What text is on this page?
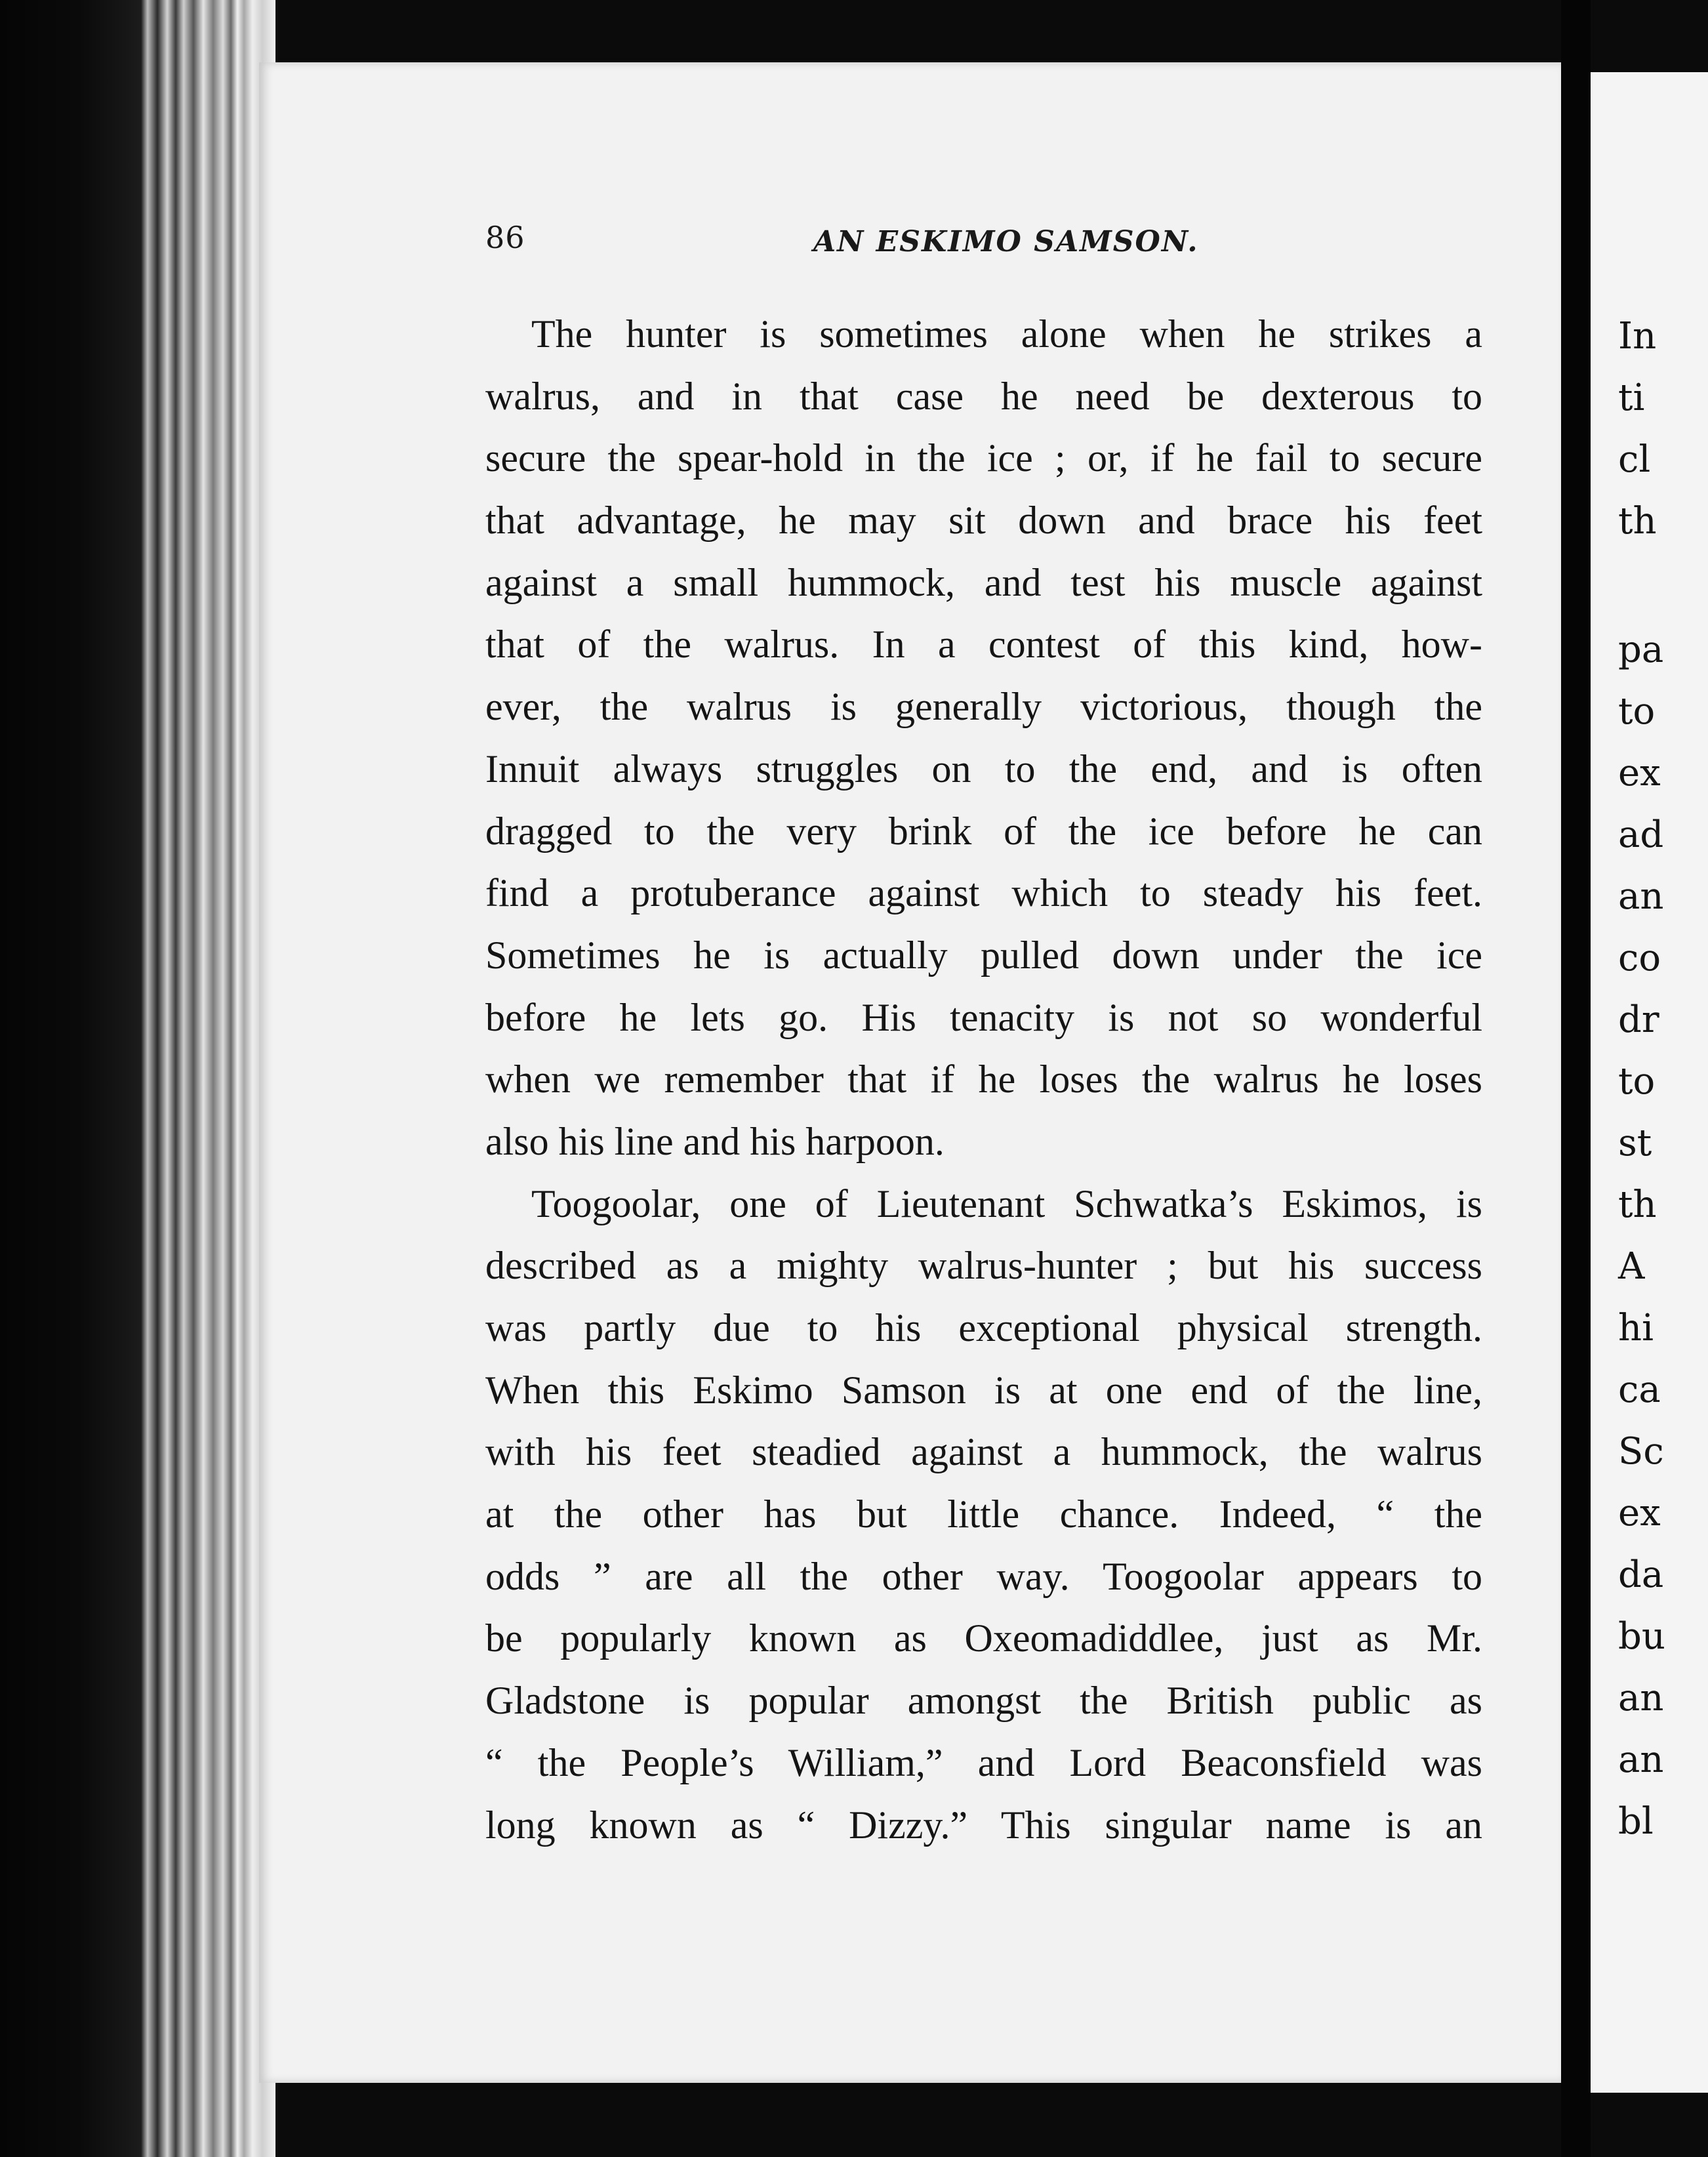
86	AN ESKIMO SAMSON.
The hunter is sometimes alone when he strikes a
walrus, and in that case he need be dexterous to
secure the spear-hold in the ice ; or, if he fail to secure
that advantage, he may sit down and brace his feet
against a small hummock, and test his muscle against
that of the walrus. In a contest of this kind, how-
ever, the walrus is generally victorious, though the
Innuit always struggles on to the end, and is often
dragged to the very brink of the ice before he can
find a protuberance against which to steady his feet.
Sometimes he is actually pulled down under the ice
before he lets go. His tenacity is not so wonderful
when we remember that if he loses the walrus he loses
also his line and his harpoon.
Toogoolar, one of Lieutenant Schwatka’s Eskimos, is
described as a mighty walrus-hunter ; but his success
was partly due to his exceptional physical strength.
When this Eskimo Samson is at one end of the line,
with his feet steadied against a hummock, the walrus
at the other has but little chance. Indeed, “ the
odds ” are all the other way. Toogoolar appears to
be popularly known as Oxeomadiddlee, just as Mr.
Gladstone is popular amongst the British public as
“ the People’s William,” and Lord Beaconsfield was
long known as “ Dizzy.” This singular name is an
In
ti
cl
th
pa
to
ex
ad
an
co
dr
to
st
th
A
hi
ca
Sc
ex
da
bu
an
an
bl
